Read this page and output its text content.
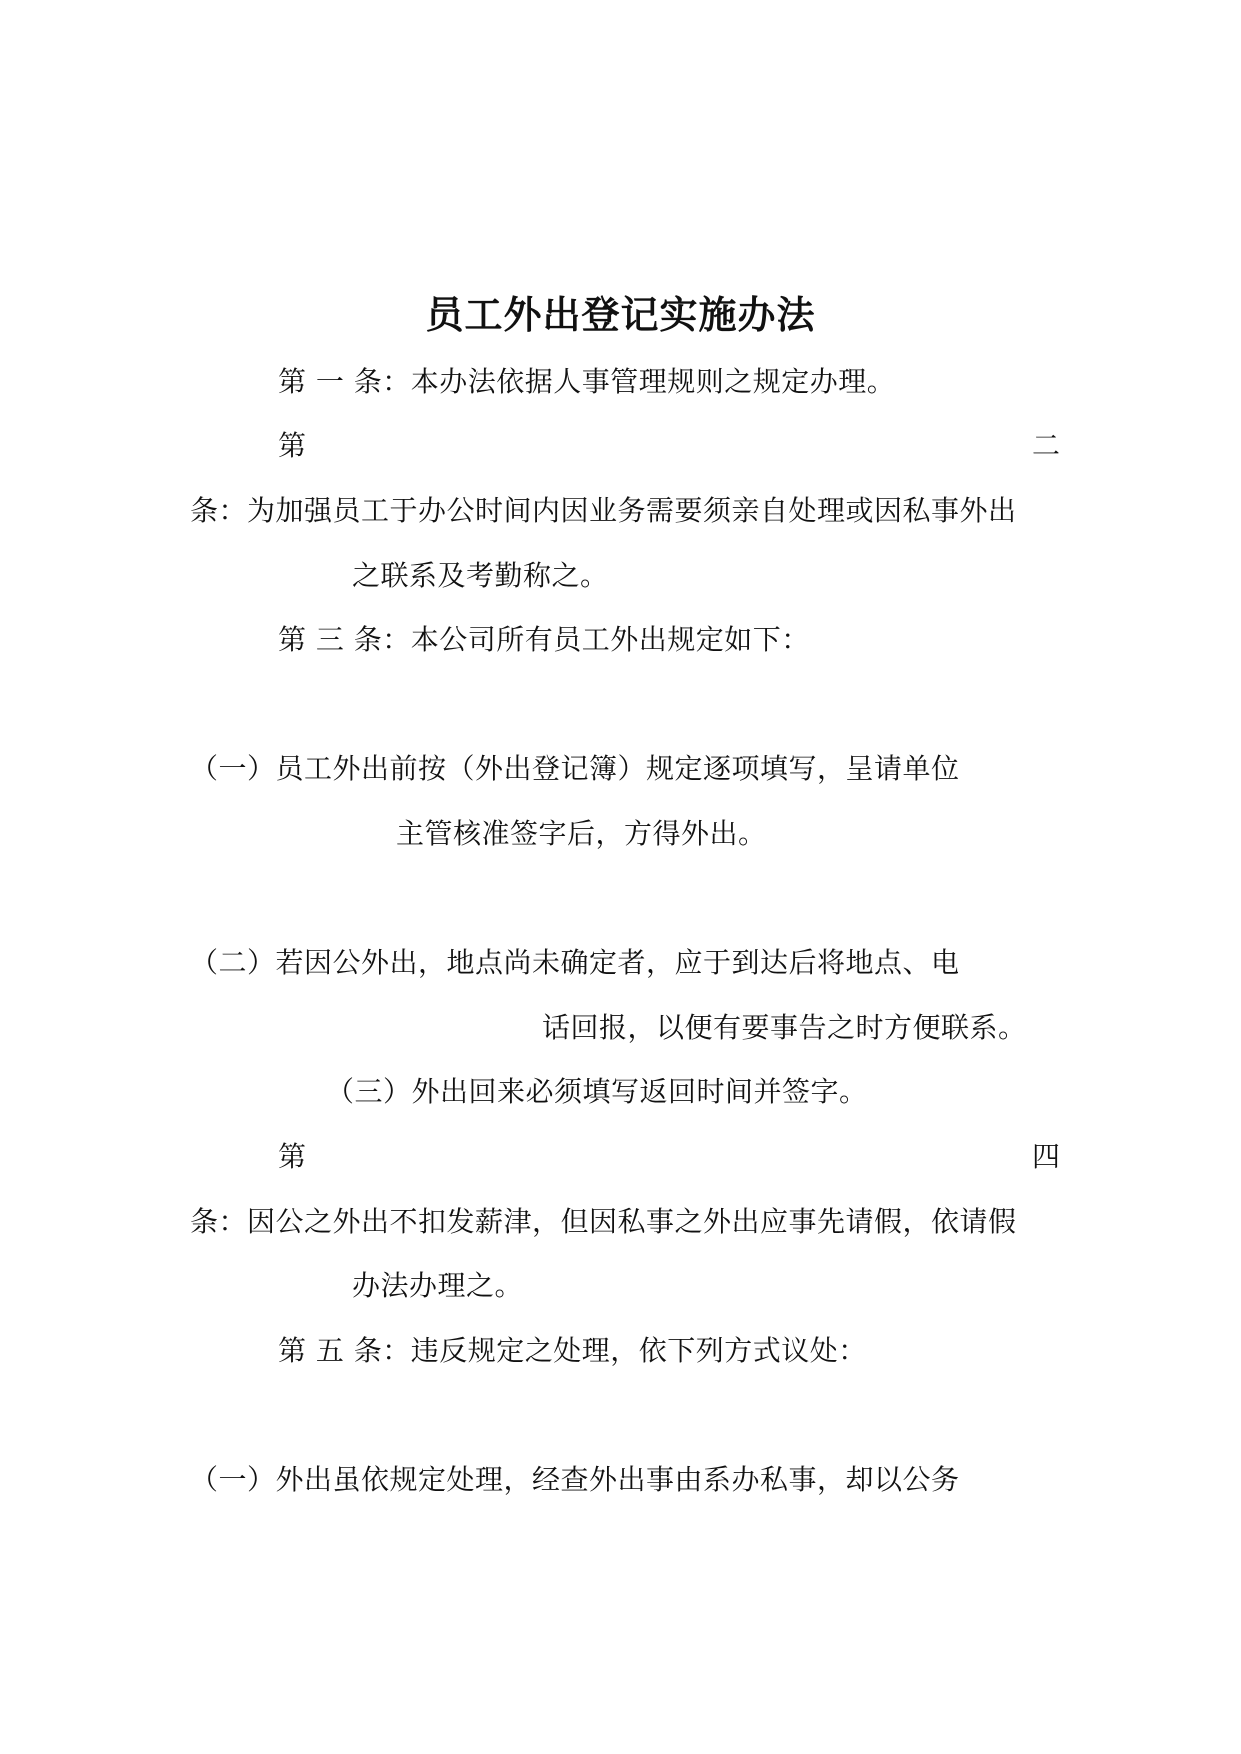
员工外出登记实施办法
第 一 条：本办法依据人事管理规则之规定办理。
第	二
条：为加强员工于办公时间内因业务需要须亲自处理或因私事外出
之联系及考勤称之。
第 三 条：本公司所有员工外出规定如下：
（一）员工外出前按（外出登记簿）规定逐项填写，呈请单位
主管核准签字后，方得外出。
（二）若因公外出，地点尚未确定者，应于到达后将地点、电
话回报，以便有要事告之时方便联系。
（三）外出回来必须填写返回时间并签字。
第	四
条：因公之外出不扣发薪津，但因私事之外出应事先请假，依请假
办法办理之。
第 五 条：违反规定之处理，依下列方式议处：
（一）外出虽依规定处理，经查外出事由系办私事，却以公务
